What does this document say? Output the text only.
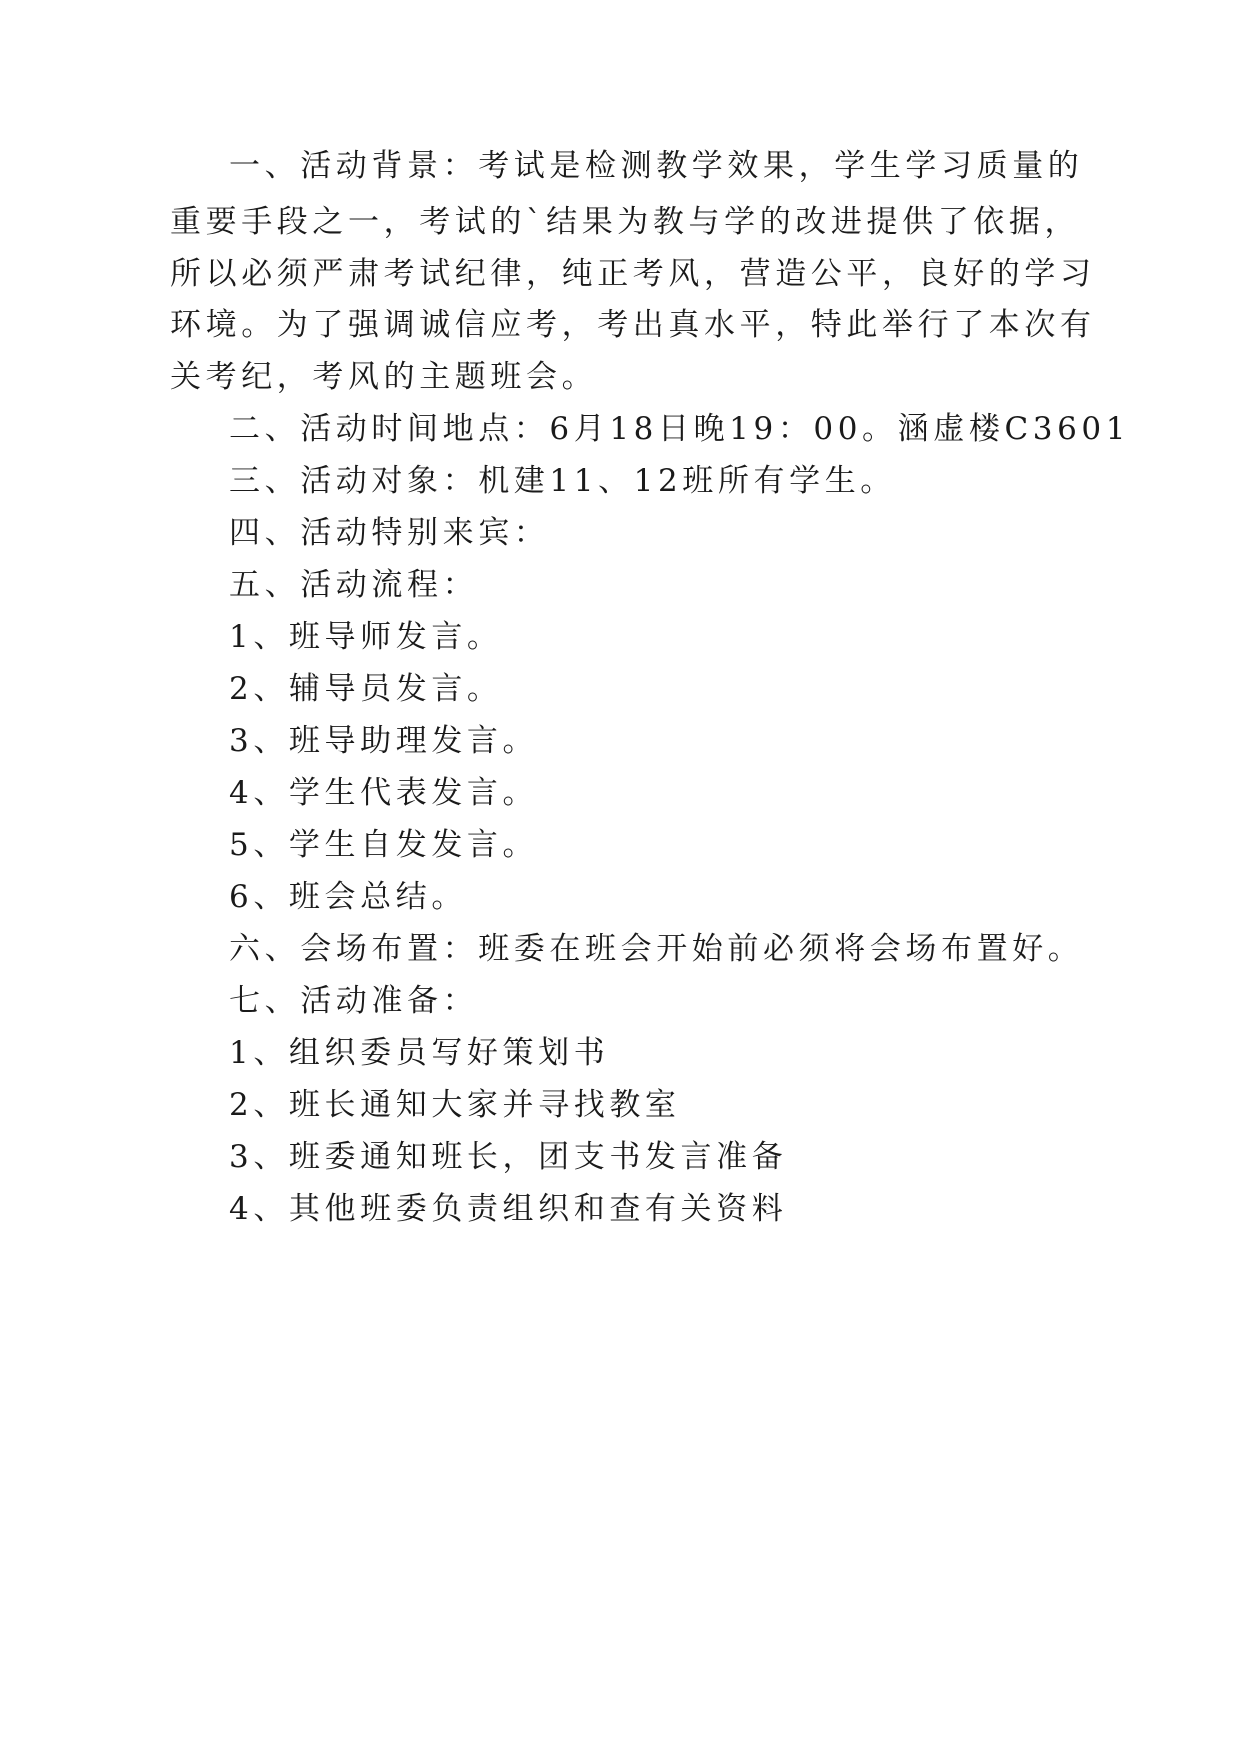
一、活动背景：考试是检测教学效果，学生学习质量的
重要手段之一，考试的`结果为教与学的改进提供了依据，
所以必须严肃考试纪律，纯正考风，营造公平，良好的学习
环境。为了强调诚信应考，考出真水平，特此举行了本次有
关考纪，考风的主题班会。
二、活动时间地点：6月18日晚19：00。涵虚楼C3601
三、活动对象：机建11、12班所有学生。
四、活动特别来宾：
五、活动流程：
1、班导师发言。
2、辅导员发言。
3、班导助理发言。
4、学生代表发言。
5、学生自发发言。
6、班会总结。
六、会场布置：班委在班会开始前必须将会场布置好。
七、活动准备：
1、组织委员写好策划书
2、班长通知大家并寻找教室
3、班委通知班长，团支书发言准备
4、其他班委负责组织和查有关资料
